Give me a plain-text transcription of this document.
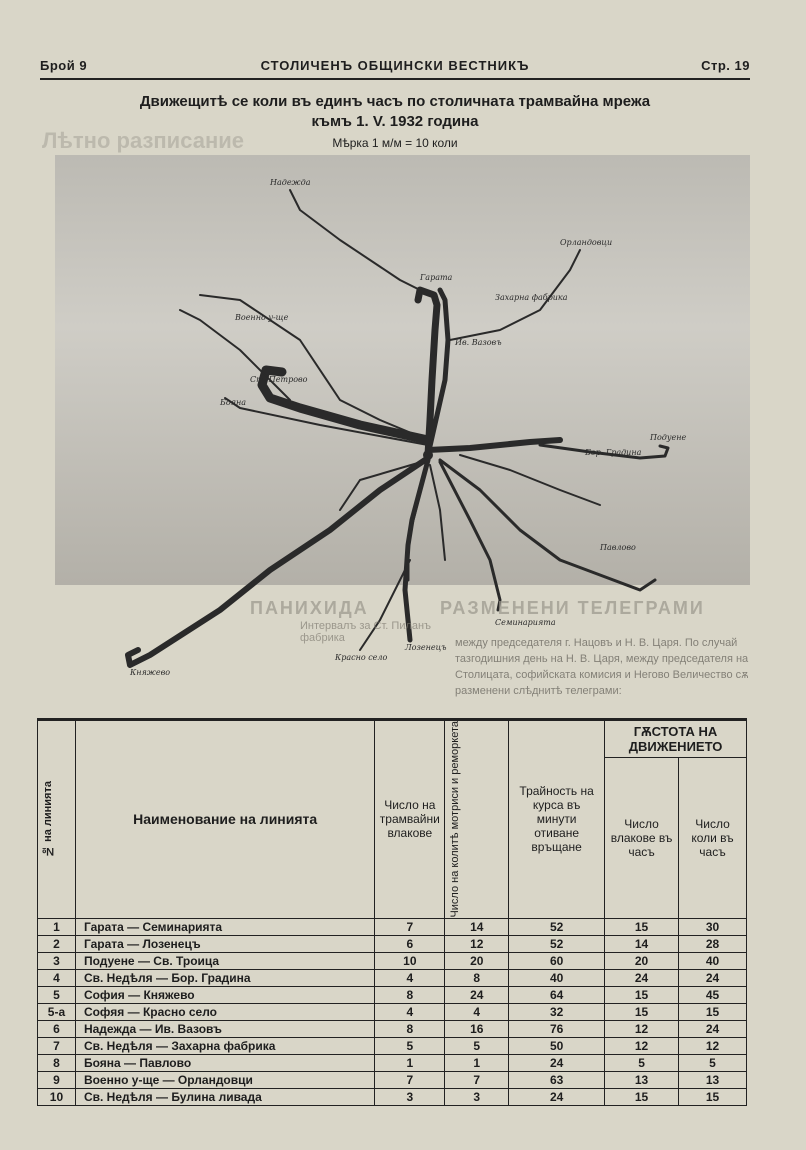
Лѣтно разписание
Брой 9	СТОЛИЧЕНЪ ОБЩИНСКИ ВЕСТНИКЪ	Стр. 19
Движещитѣ се коли въ единъ часъ по столичната трамвайна мрежа
къмъ 1. V. 1932 година
Мѣрка 1 м/м = 10 коли
Надежда
Орландовци
Гарата
Захарна фабрика
Военно у-ще
Ив. Вазовъ
Ст. Петрово
Бояна
Подуене
Княжево
Красно село
Семинарията
Лозенецъ
Бор. Градина
Павлово
ПАНИХИДА	РАЗМЕНЕНИ ТЕЛЕГРАМИ
Интервалъ за Ст. Пиланъ фабрика	между председателя г. Нацовъ и Н. В. Царя. По случай тазгодишния день на Н. В. Царя, между председателя на Столицата, софийската комисия и Негово Величество сѫ разменени слѣднитѣ телеграми:
№ на линията	Наименование на линията	Число на трамвайни влакове	Число на колитѣ мотриси и реморкета	Трайность на курса въ минути отиване връщане	ГѪСТОТА НА ДВИЖЕНИЕТО	
					Число влакове въ часъ	Число коли въ часъ
1	Гарата — Семинарията	7	14	52	15	30
2	Гарата — Лозенецъ	6	12	52	14	28
3	Подуене — Св. Троица	10	20	60	20	40
4	Св. Недѣля — Бор. Градина	4	8	40	24	24
5	София — Княжево	8	24	64	15	45
5-а	Софяя — Красно село	4	4	32	15	15
6	Надежда — Ив. Вазовъ	8	16	76	12	24
7	Св. Недѣля — Захарна фабрика	5	5	50	12	12
8	Бояна — Павлово	1	1	24	5	5
9	Военно у-ще — Орландовци	7	7	63	13	13
10	Св. Недѣля — Булина ливада	3	3	24	15	15
